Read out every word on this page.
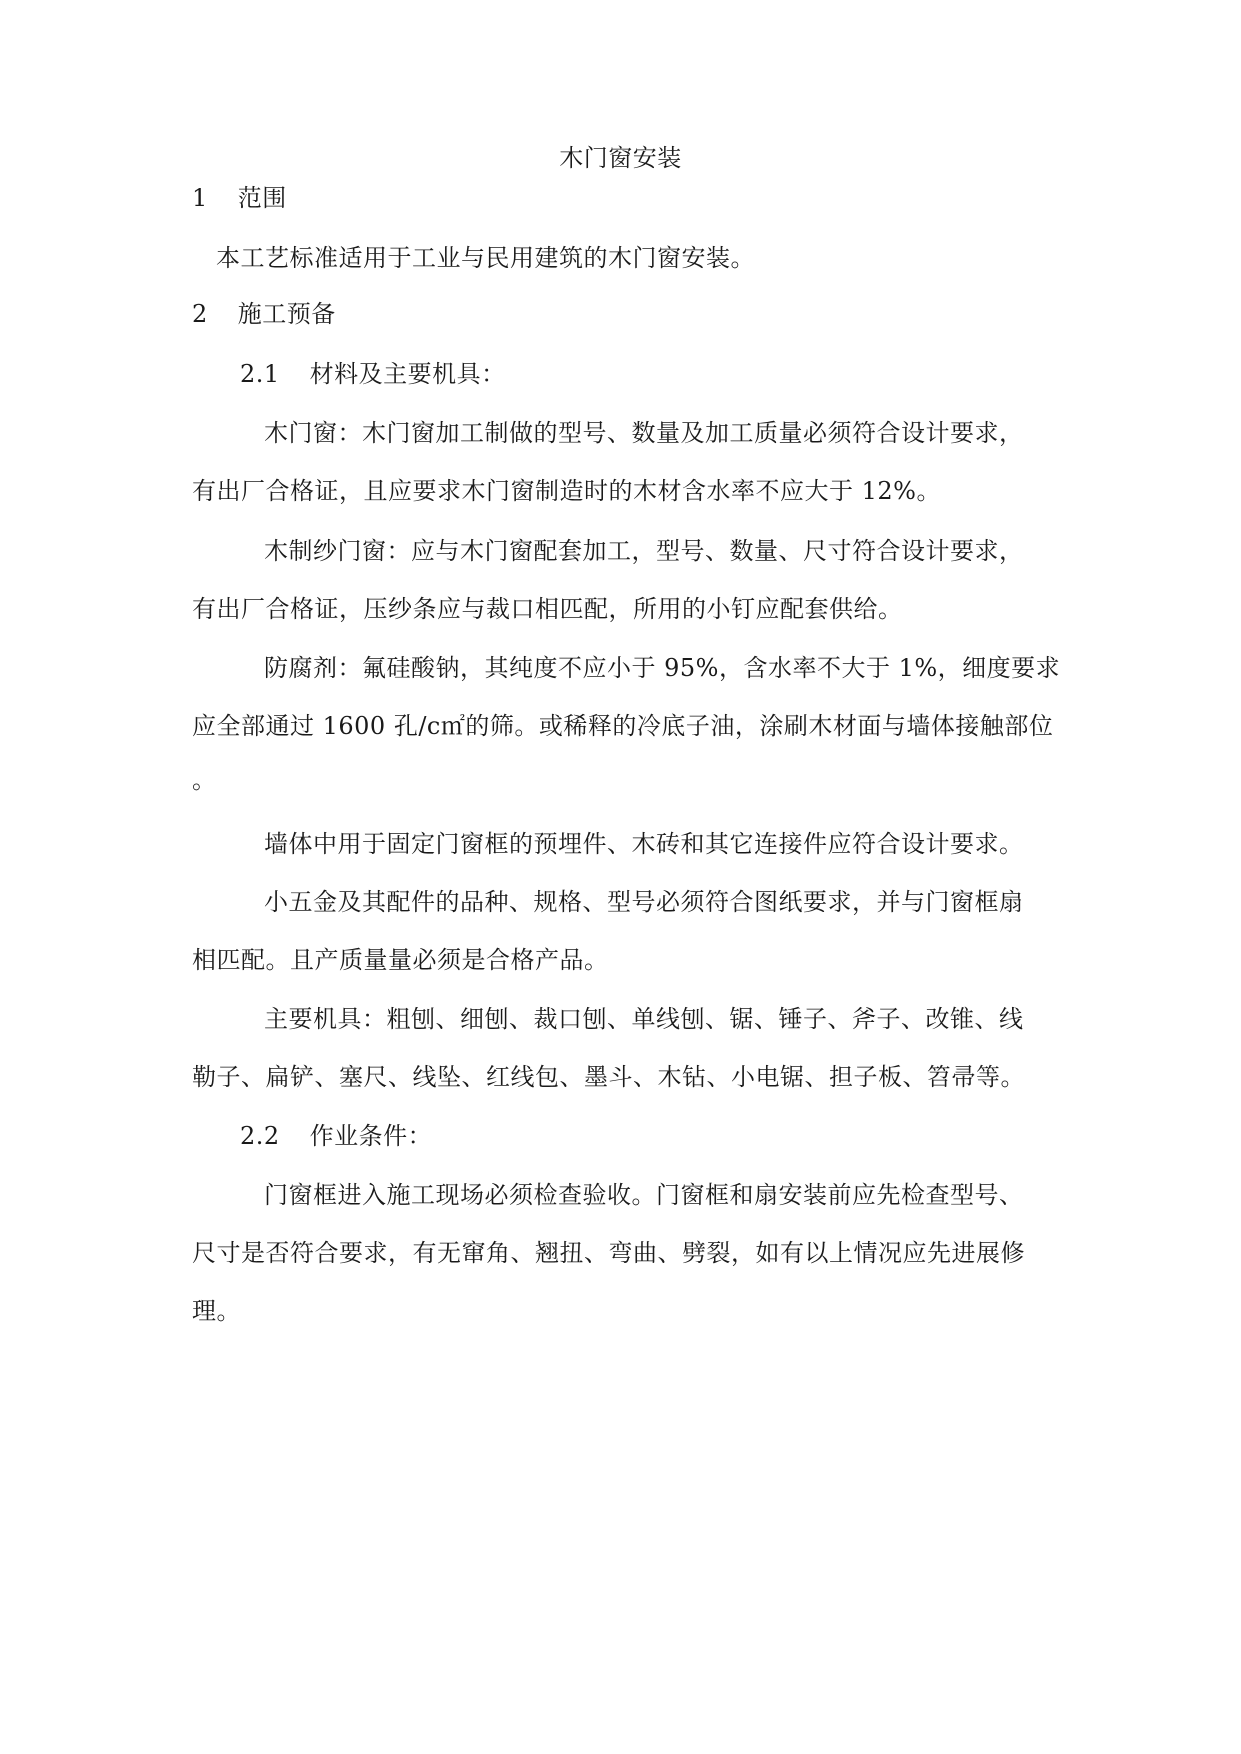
木门窗安装
1 范围
本工艺标准适用于工业与民用建筑的木门窗安装。
2 施工预备
2.1 材料及主要机具：
木门窗：木门窗加工制做的型号、数量及加工质量必须符合设计要求，
有出厂合格证，且应要求木门窗制造时的木材含水率不应大于 12%。
木制纱门窗：应与木门窗配套加工，型号、数量、尺寸符合设计要求，
有出厂合格证，压纱条应与裁口相匹配，所用的小钉应配套供给。
防腐剂：氟硅酸钠，其纯度不应小于 95%，含水率不大于 1%，细度要求
应全部通过 1600 孔/c㎡的筛。或稀释的冷底子油，涂刷木材面与墙体接触部位
。
墙体中用于固定门窗框的预埋件、木砖和其它连接件应符合设计要求。
小五金及其配件的品种、规格、型号必须符合图纸要求，并与门窗框扇
相匹配。且产质量量必须是合格产品。
主要机具：粗刨、细刨、裁口刨、单线刨、锯、锤子、斧子、改锥、线
勒子、扁铲、塞尺、线坠、红线包、墨斗、木钻、小电锯、担子板、笤帚等。
2.2 作业条件：
门窗框进入施工现场必须检查验收。门窗框和扇安装前应先检查型号、
尺寸是否符合要求，有无窜角、翘扭、弯曲、劈裂，如有以上情况应先进展修
理。
